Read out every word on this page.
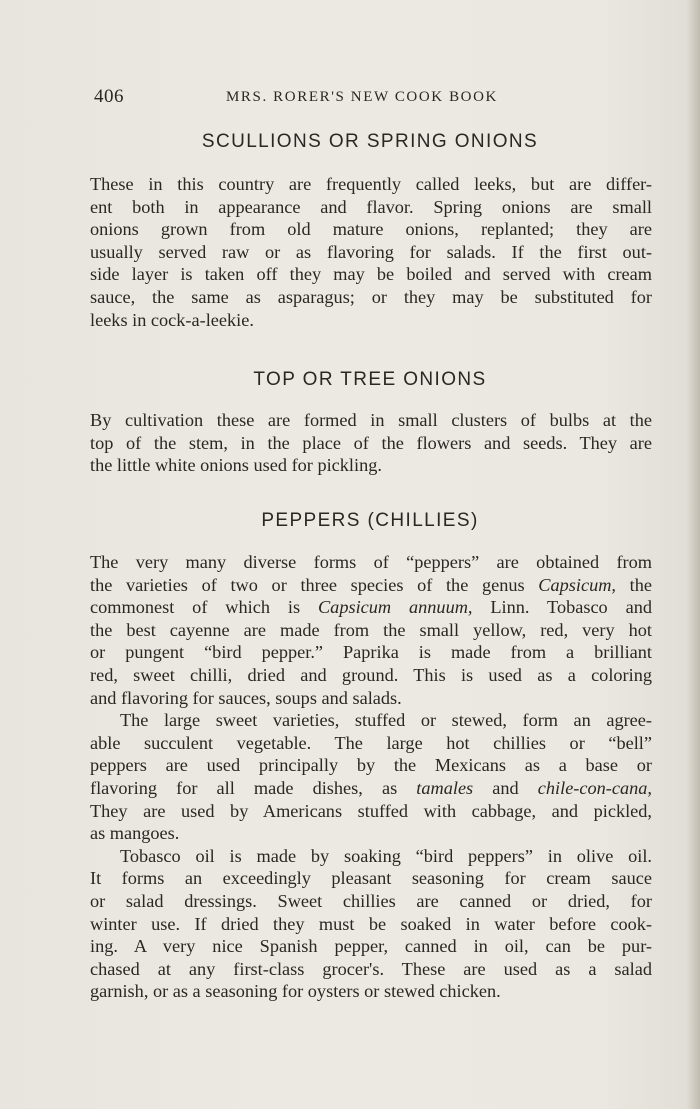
406	MRS. RORER'S NEW COOK BOOK
SCULLIONS OR SPRING ONIONS
These in this country are frequently called leeks, but are differ-
ent both in appearance and flavor. Spring onions are small
onions grown from old mature onions, replanted; they are
usually served raw or as flavoring for salads. If the first out-
side layer is taken off they may be boiled and served with cream
sauce, the same as asparagus; or they may be substituted for
leeks in cock-a-leekie.
TOP OR TREE ONIONS
By cultivation these are formed in small clusters of bulbs at the
top of the stem, in the place of the flowers and seeds. They are
the little white onions used for pickling.
PEPPERS (CHILLIES)
The very many diverse forms of “peppers” are obtained from
the varieties of two or three species of the genus Capsicum, the
commonest of which is Capsicum annuum, Linn. Tobasco and
the best cayenne are made from the small yellow, red, very hot
or pungent “bird pepper.” Paprika is made from a brilliant
red, sweet chilli, dried and ground. This is used as a coloring
and flavoring for sauces, soups and salads.
The large sweet varieties, stuffed or stewed, form an agree-
able succulent vegetable. The large hot chillies or “bell”
peppers are used principally by the Mexicans as a base or
flavoring for all made dishes, as tamales and chile-con-cana,
They are used by Americans stuffed with cabbage, and pickled,
as mangoes.
Tobasco oil is made by soaking “bird peppers” in olive oil.
It forms an exceedingly pleasant seasoning for cream sauce
or salad dressings. Sweet chillies are canned or dried, for
winter use. If dried they must be soaked in water before cook-
ing. A very nice Spanish pepper, canned in oil, can be pur-
chased at any first-class grocer's. These are used as a salad
garnish, or as a seasoning for oysters or stewed chicken.
